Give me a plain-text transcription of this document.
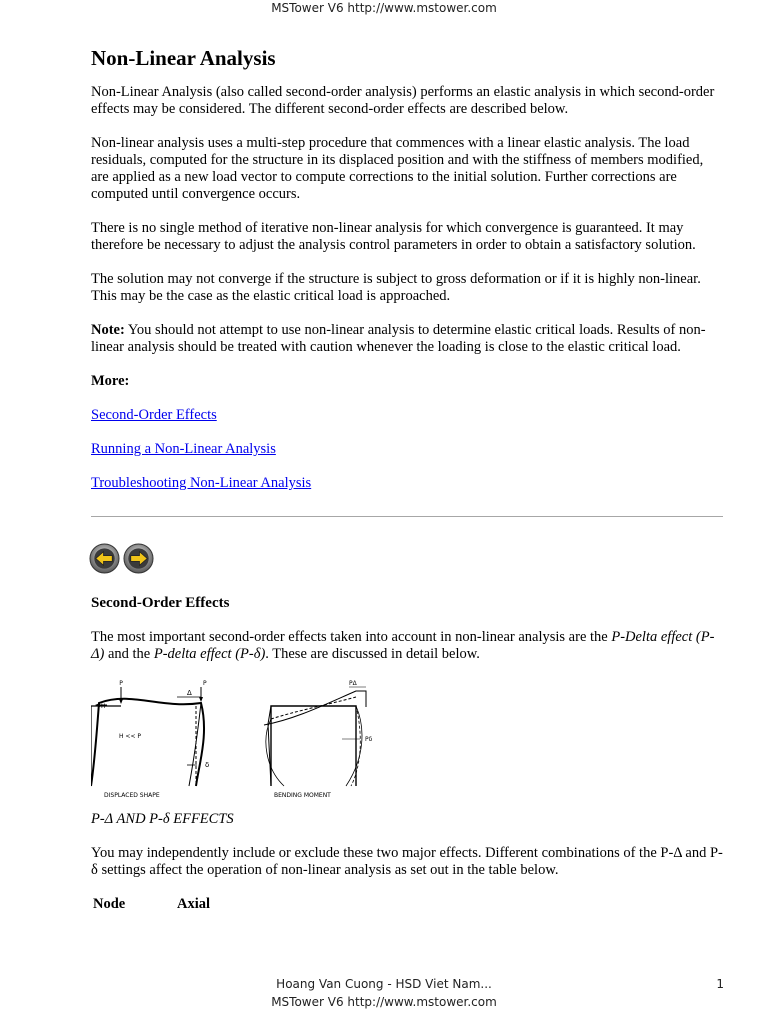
MSTower V6 http://www.mstower.com
Non-Linear Analysis

Non-Linear Analysis (also called second-order analysis) performs an elastic analysis in which second-order effects may be considered. The different second-order effects are described below.

Non-linear analysis uses a multi-step procedure that commences with a linear elastic analysis. The load residuals, computed for the structure in its displaced position and with the stiffness of members modified, are applied as a new load vector to compute corrections to the initial solution. Further corrections are computed until convergence occurs.

There is no single method of iterative non-linear analysis for which convergence is guaranteed. It may therefore be necessary to adjust the analysis control parameters in order to obtain a satisfactory solution.

The solution may not converge if the structure is subject to gross deformation or if it is highly non-linear. This may be the case as the elastic critical load is approached.

Note: You should not attempt to use non-linear analysis to determine elastic critical loads. Results of non-linear analysis should be treated with caution whenever the loading is close to the elastic critical load.

More:

Second-Order Effects

Running a Non-Linear Analysis

Troubleshooting Non-Linear Analysis

Second-Order Effects

The most important second-order effects taken into account in non-linear analysis are the P-Delta effect (P-Δ) and the P-delta effect (P-δ). These are discussed in detail below.

P	P
H
Δ
δ
H << P
DISPLACED SHAPE
PΔ
Pδ
BENDING MOMENT
P-Δ AND P-δ EFFECTS

You may independently include or exclude these two major effects. Different combinations of the P-Δ and P-δ settings affect the operation of non-linear analysis as set out in the table below.

Node	Axial
Hoang Van Cuong - HSD Viet Nam...	1
MSTower V6 http://www.mstower.com
